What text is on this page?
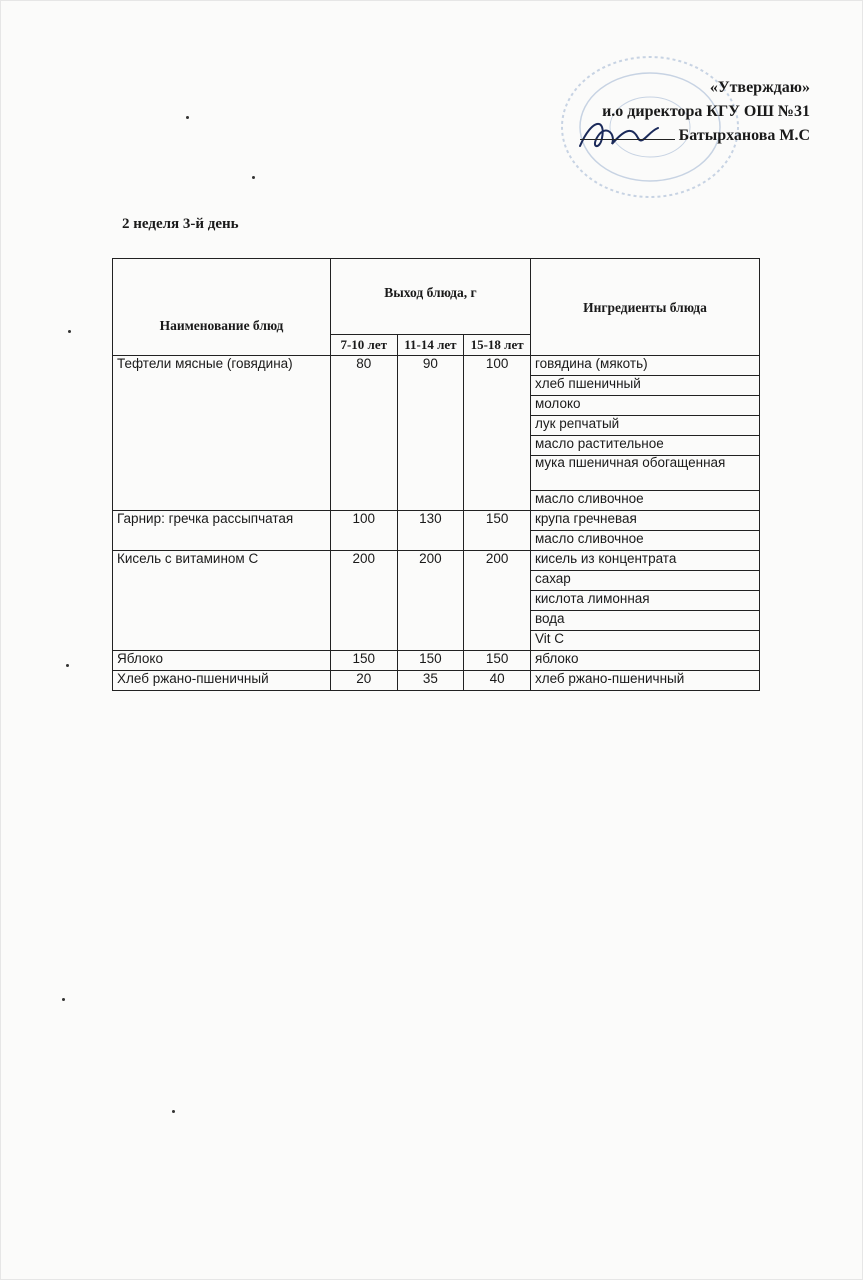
«Утверждаю»
и.о директора КГУ ОШ №31
Батырханова М.С
2 неделя 3-й день
Наименование блюд	Выход блюда, г			Ингредиенты блюда
	7-10 лет	11-14 лет	15-18 лет	
Тефтели мясные (говядина)	80	90	100	говядина (мякоть)
				хлеб пшеничный
				молоко
				лук репчатый
				масло растительное
				мука пшеничная обогащенная
				масло сливочное
Гарнир: гречка рассыпчатая	100	130	150	крупа гречневая
				масло сливочное
Кисель с витамином С	200	200	200	кисель из концентрата
				сахар
				кислота лимонная
				вода
				Vit C
Яблоко	150	150	150	яблоко
Хлеб ржано-пшеничный	20	35	40	хлеб ржано-пшеничный
